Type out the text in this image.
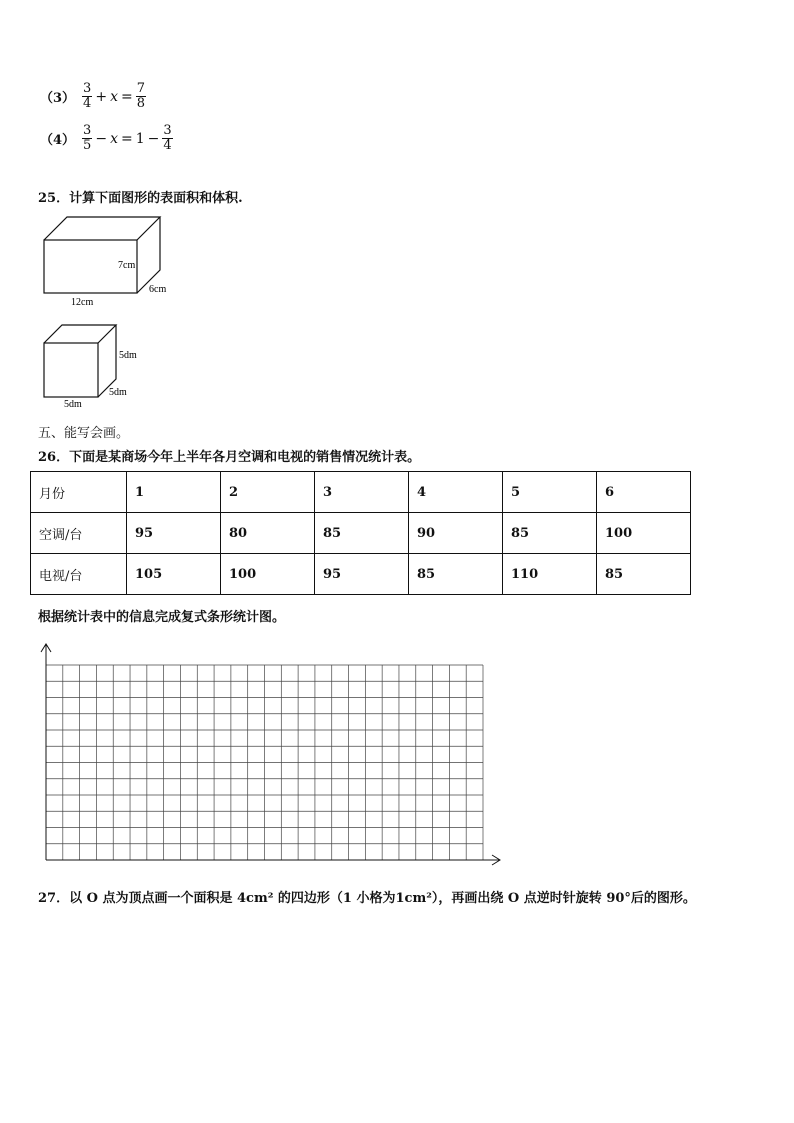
$(3) \frac{3}{4} + x = \frac{7}{8}$
$(4) \frac{3}{5} - x = 1 - \frac{3}{4}$
25．计算下面图形的表面积和体积.
7cm
12cm
6cm
5dm
5dm
5dm
五、能写会画。
26．下面是某商场今年上半年各月空调和电视的销售情况统计表。
月份	1	2	3	4	5	6
空调/台	95	80	85	90	85	100
电视/台	105	100	95	85	110	85
根据统计表中的信息完成复式条形统计图。
27．以 O 点为顶点画一个面积是 4cm² 的四边形（1 小格为1cm²），再画出绕 O 点逆时针旋转 90°后的图形。
